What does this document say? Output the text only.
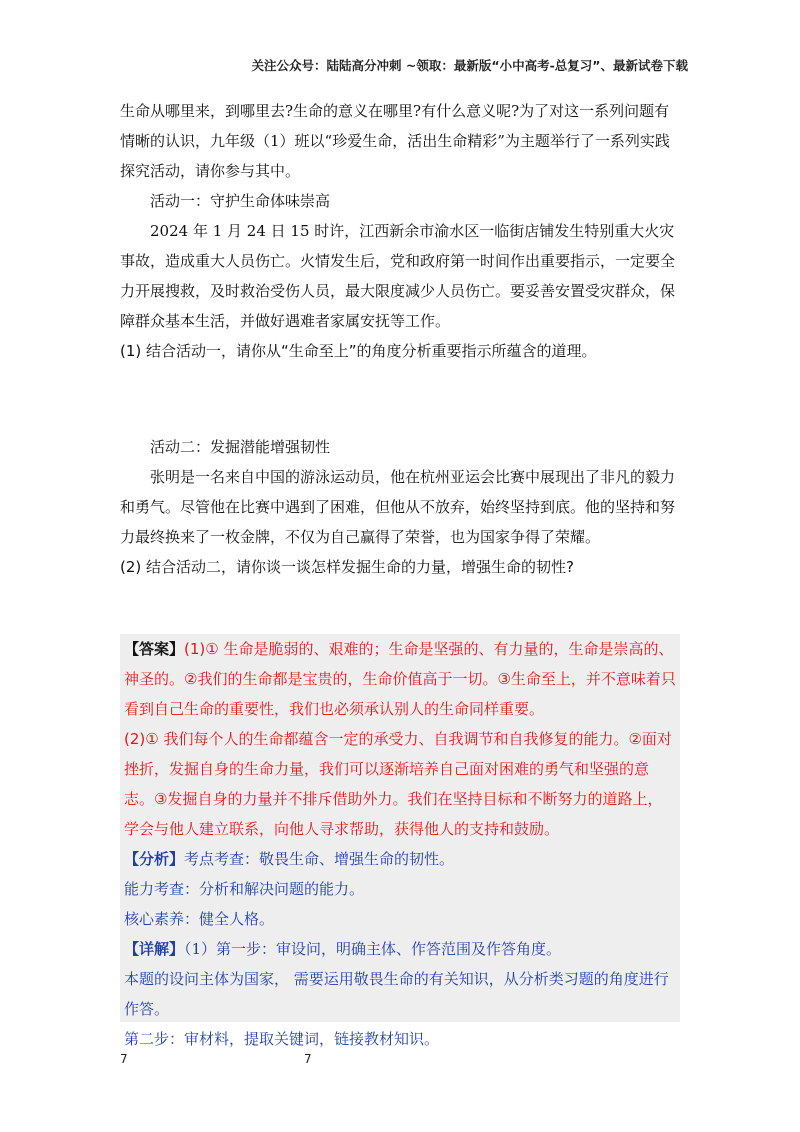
关注公众号：陆陆高分冲刺 ~领取：最新版“小中高考-总复习”、最新试卷下载

生命从哪里来，到哪里去?生命的意义在哪里?有什么意义呢?为了对这一系列问题有情晰的认识，九年级（1）班以“珍爱生命，活出生命精彩”为主题举行了一系列实践探究活动，请你参与其中。

活动一：守护生命体味崇高

2024 年 1 月 24 日 15 时许，江西新余市渝水区一临街店铺发生特别重大火灾事故，造成重大人员伤亡。火情发生后，党和政府第一时间作出重要指示，一定要全力开展搜救，及时救治受伤人员，最大限度减少人员伤亡。要妥善安置受灾群众，保障群众基本生活，并做好遇难者家属安抚等工作。

(1) 结合活动一，请你从“生命至上”的角度分析重要指示所蕴含的道理。

活动二：发掘潜能增强韧性

张明是一名来自中国的游泳运动员，他在杭州亚运会比赛中展现出了非凡的毅力和勇气。尽管他在比赛中遇到了困难，但他从不放弃，始终坚持到底。他的坚持和努力最终换来了一枚金牌，不仅为自己赢得了荣誉，也为国家争得了荣耀。

(2) 结合活动二，请你谈一谈怎样发掘生命的力量，增强生命的韧性?

【答案】(1)① 生命是脆弱的、艰难的；生命是坚强的、有力量的，生命是崇高的、神圣的。②我们的生命都是宝贵的，生命价值高于一切。③生命至上，并不意味着只看到自己生命的重要性，我们也必须承认别人的生命同样重要。

(2)① 我们每个人的生命都蕴含一定的承受力、自我调节和自我修复的能力。②面对挫折，发掘自身的生命力量，我们可以逐渐培养自己面对困难的勇气和坚强的意志。③发掘自身的力量并不排斥借助外力。我们在坚持目标和不断努力的道路上，学会与他人建立联系，向他人寻求帮助，获得他人的支持和鼓励。

【分析】考点考查：敬畏生命、增强生命的韧性。

能力考查：分析和解决问题的能力。

核心素养：健全人格。

【详解】（1）第一步：审设问，明确主体、作答范围及作答角度。

本题的设问主体为国家， 需要运用敬畏生命的有关知识，从分析类习题的角度进行作答。

第二步：审材料，提取关键词，链接教材知识。

7	7
